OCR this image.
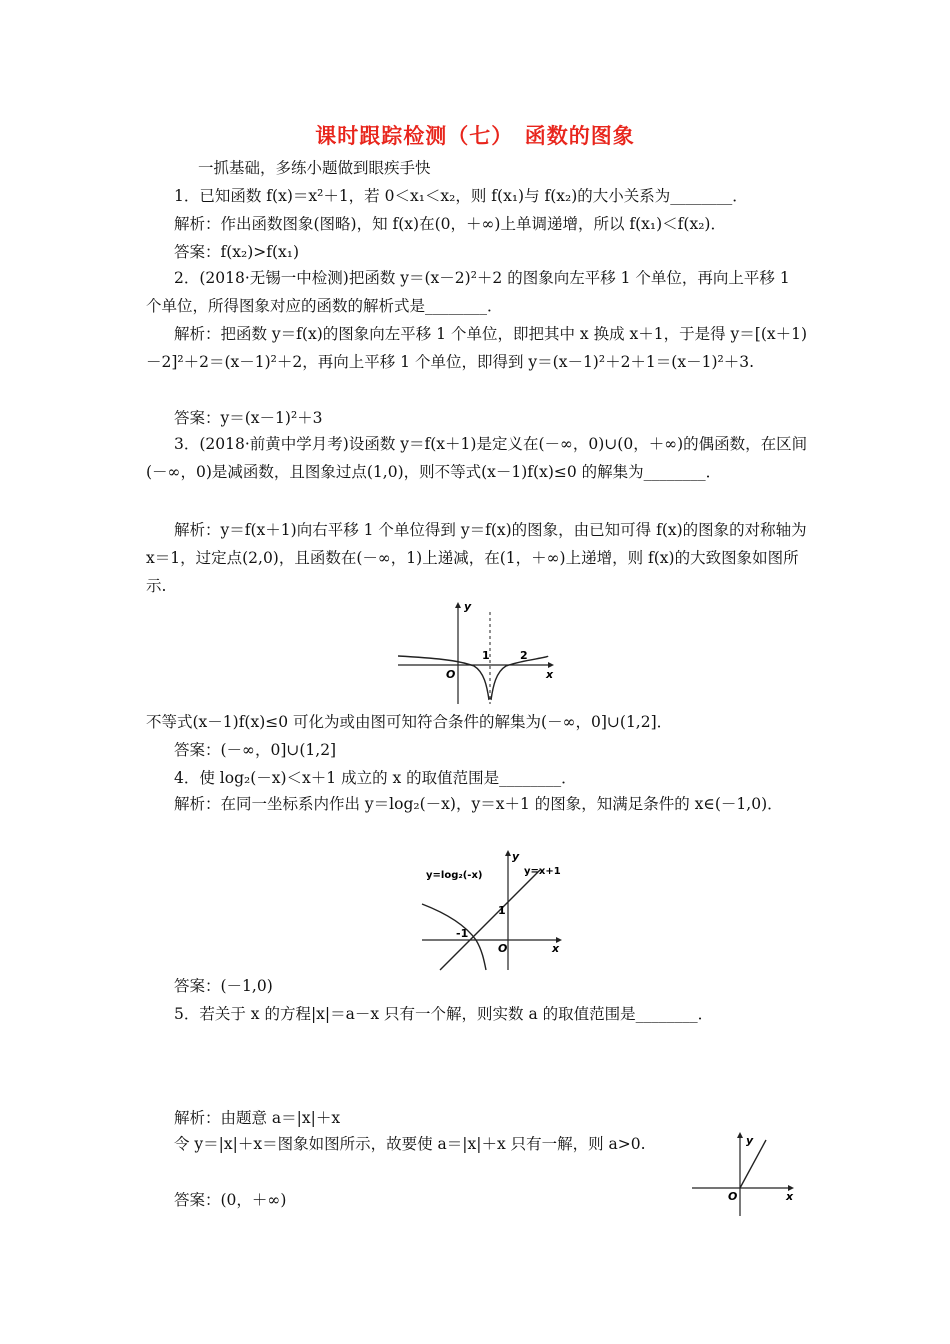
课时跟踪检测（七）　函数的图象
一抓基础，多练小题做到眼疾手快
1．已知函数 f(x)＝x²＋1，若 0＜x₁＜x₂，则 f(x₁)与 f(x₂)的大小关系为________．
解析：作出函数图象(图略)，知 f(x)在(0，＋∞)上单调递增，所以 f(x₁)＜f(x₂)．
答案：f(x₂)>f(x₁)
2．(2018·无锡一中检测)把函数 y＝(x－2)²＋2 的图象向左平移 1 个单位，再向上平移 1 个单位，所得图象对应的函数的解析式是________．
解析：把函数 y＝f(x)的图象向左平移 1 个单位，即把其中 x 换成 x＋1，于是得 y＝[(x＋1)－2]²＋2＝(x－1)²＋2，再向上平移 1 个单位，即得到 y＝(x－1)²＋2＋1＝(x－1)²＋3.
答案：y＝(x－1)²＋3
3．(2018·前黄中学月考)设函数 y＝f(x＋1)是定义在(－∞，0)∪(0，＋∞)的偶函数，在区间(－∞，0)是减函数，且图象过点(1,0)，则不等式(x－1)f(x)≤0 的解集为________．
解析：y＝f(x＋1)向右平移 1 个单位得到 y＝f(x)的图象，由已知可得 f(x)的图象的对称轴为 x＝1，过定点(2,0)，且函数在(－∞，1)上递减，在(1，＋∞)上递增，则 f(x)的大致图象如图所示.
y
x
O
1	2
不等式(x－1)f(x)≤0 可化为或由图可知符合条件的解集为(－∞，0]∪(1,2]．
答案：(－∞，0]∪(1,2]
4．使 log₂(－x)＜x＋1 成立的 x 的取值范围是________．
解析：在同一坐标系内作出 y＝log₂(－x)，y＝x＋1 的图象，知满足条件的 x∈(－1,0)．
y=log₂(-x)	y=x+1
y
x
O
1
-1
答案：(－1,0)
5．若关于 x 的方程|x|＝a－x 只有一个解，则实数 a 的取值范围是________．
解析：由题意 a＝|x|＋x
令 y＝|x|＋x＝图象如图所示，故要使 a＝|x|＋x 只有一解，则 a>0.
答案：(0，＋∞)
y
x
O
